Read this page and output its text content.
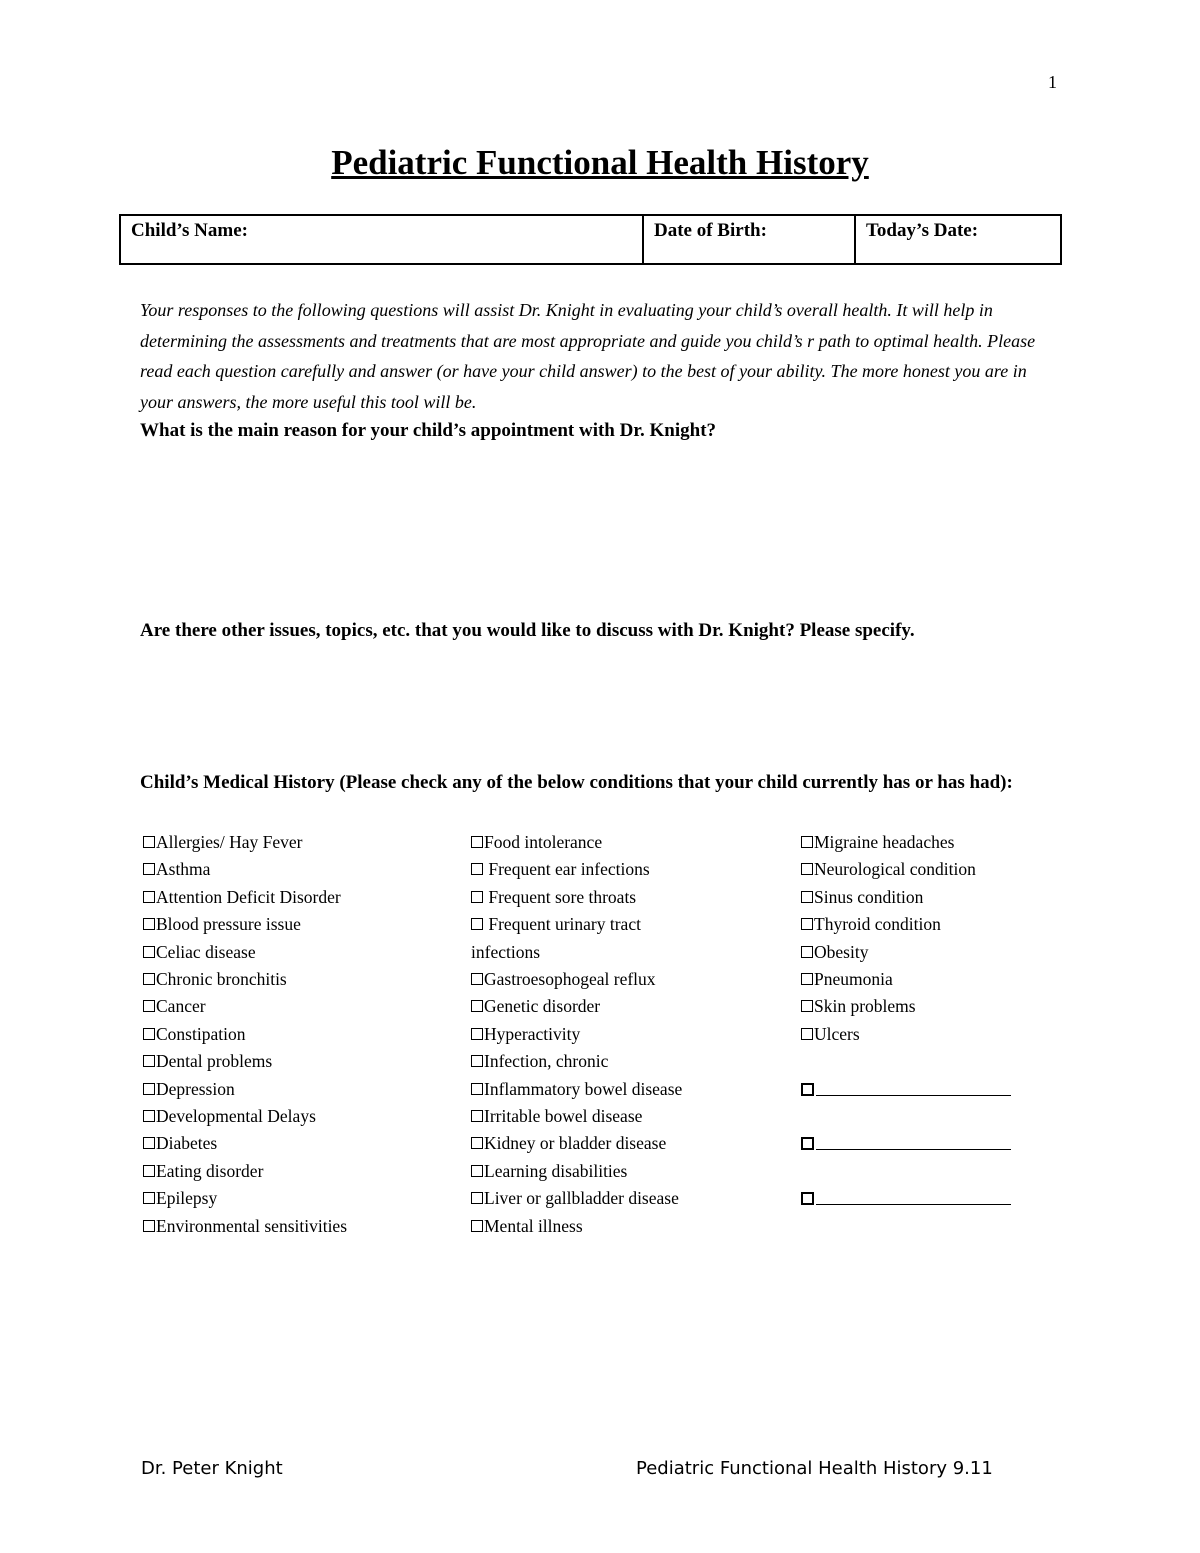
1
Pediatric Functional Health History
Child’s Name:	Date of Birth:	Today’s Date:

Your responses to the following questions will assist Dr. Knight in evaluating your child’s overall health. It will help in determining the assessments and treatments that are most appropriate and guide you child’s r path to optimal health. Please read each question carefully and answer (or have your child answer) to the best of your ability. The more honest you are in your answers, the more useful this tool will be.

What is the main reason for your child’s appointment with Dr. Knight?

Are there other issues, topics, etc. that you would like to discuss with Dr. Knight? Please specify.

Child’s Medical History (Please check any of the below conditions that your child currently has or has had):

Allergies/ Hay Fever
Asthma
Attention Deficit Disorder
Blood pressure issue
Celiac disease
Chronic bronchitis
Cancer
Constipation
Dental problems
Depression
Developmental Delays
Diabetes
Eating disorder
Epilepsy
Environmental sensitivities
Food intolerance
Frequent ear infections
Frequent sore throats
Frequent urinary tract infections
Gastroesophogeal reflux
Genetic disorder
Hyperactivity
Infection, chronic
Inflammatory bowel disease
Irritable bowel disease
Kidney or bladder disease
Learning disabilities
Liver or gallbladder disease
Mental illness
Migraine headaches
Neurological condition
Sinus condition
Thyroid condition
Obesity
Pneumonia
Skin problems
Ulcers
Dr. Peter Knight	Pediatric Functional Health History 9.11
